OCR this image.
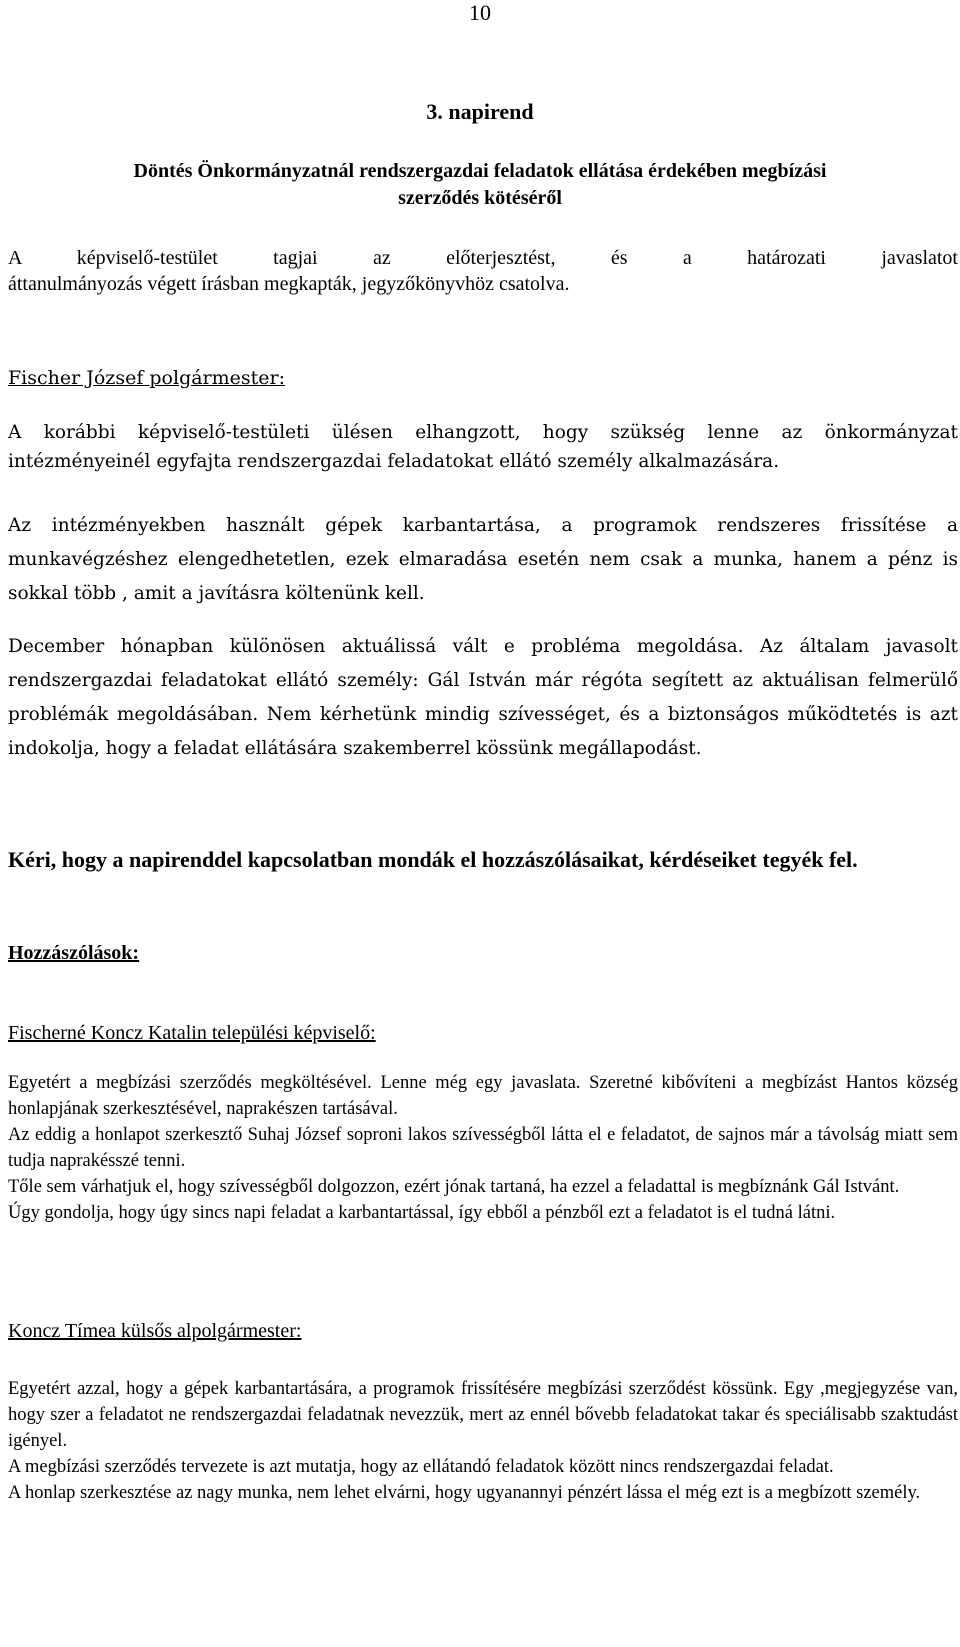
10

3. napirend

Döntés Önkormányzatnál rendszergazdai feladatok ellátása érdekében megbízási
szerződés kötéséről
A képviselő-testület tagjai az előterjesztést, és a határozati javaslatot
áttanulmányozás végett írásban megkapták, jegyzőkönyvhöz csatolva.

Fischer József polgármester:

A korábbi képviselő-testületi ülésen elhangzott, hogy szükség lenne az önkormányzat intézményeinél egyfajta rendszergazdai feladatokat ellátó személy alkalmazására.

Az intézményekben használt gépek karbantartása, a programok rendszeres frissítése a munkavégzéshez elengedhetetlen, ezek elmaradása esetén nem csak a munka, hanem a pénz is sokkal több , amit a javításra költenünk kell.

December hónapban különösen aktuálissá vált e probléma megoldása. Az általam javasolt rendszergazdai feladatokat ellátó személy: Gál István már régóta segített az aktuálisan felmerülő problémák megoldásában. Nem kérhetünk mindig szívességet, és a biztonságos működtetés is azt indokolja, hogy a feladat ellátására szakemberrel kössünk megállapodást.

Kéri, hogy a napirenddel kapcsolatban mondák el hozzászólásaikat, kérdéseiket tegyék fel.

Hozzászólások:

Fischerné Koncz Katalin települési képviselő:

Egyetért a megbízási szerződés megköltésével. Lenne még egy javaslata. Szeretné kibővíteni a megbízást Hantos község honlapjának szerkesztésével, naprakészen tartásával.
Az eddig a honlapot szerkesztő Suhaj József soproni lakos szívességből látta el e feladatot, de sajnos már a távolság miatt sem tudja naprakésszé tenni.
Tőle sem várhatjuk el, hogy szívességből dolgozzon, ezért jónak tartaná, ha ezzel a feladattal is megbíznánk Gál Istvánt.
Úgy gondolja, hogy úgy sincs napi feladat a karbantartással, így ebből a pénzből ezt a feladatot is el tudná látni.

Koncz Tímea külsős alpolgármester:

Egyetért azzal, hogy a gépek karbantartására, a programok frissítésére megbízási szerződést kössünk. Egy ,megjegyzése van, hogy szer a feladatot ne rendszergazdai feladatnak nevezzük, mert az ennél bővebb feladatokat takar és speciálisabb szaktudást igényel.
A megbízási szerződés tervezete is azt mutatja, hogy az ellátandó feladatok között nincs rendszergazdai feladat.
A honlap szerkesztése az nagy munka, nem lehet elvárni, hogy ugyanannyi pénzért lássa el még ezt is a megbízott személy.
